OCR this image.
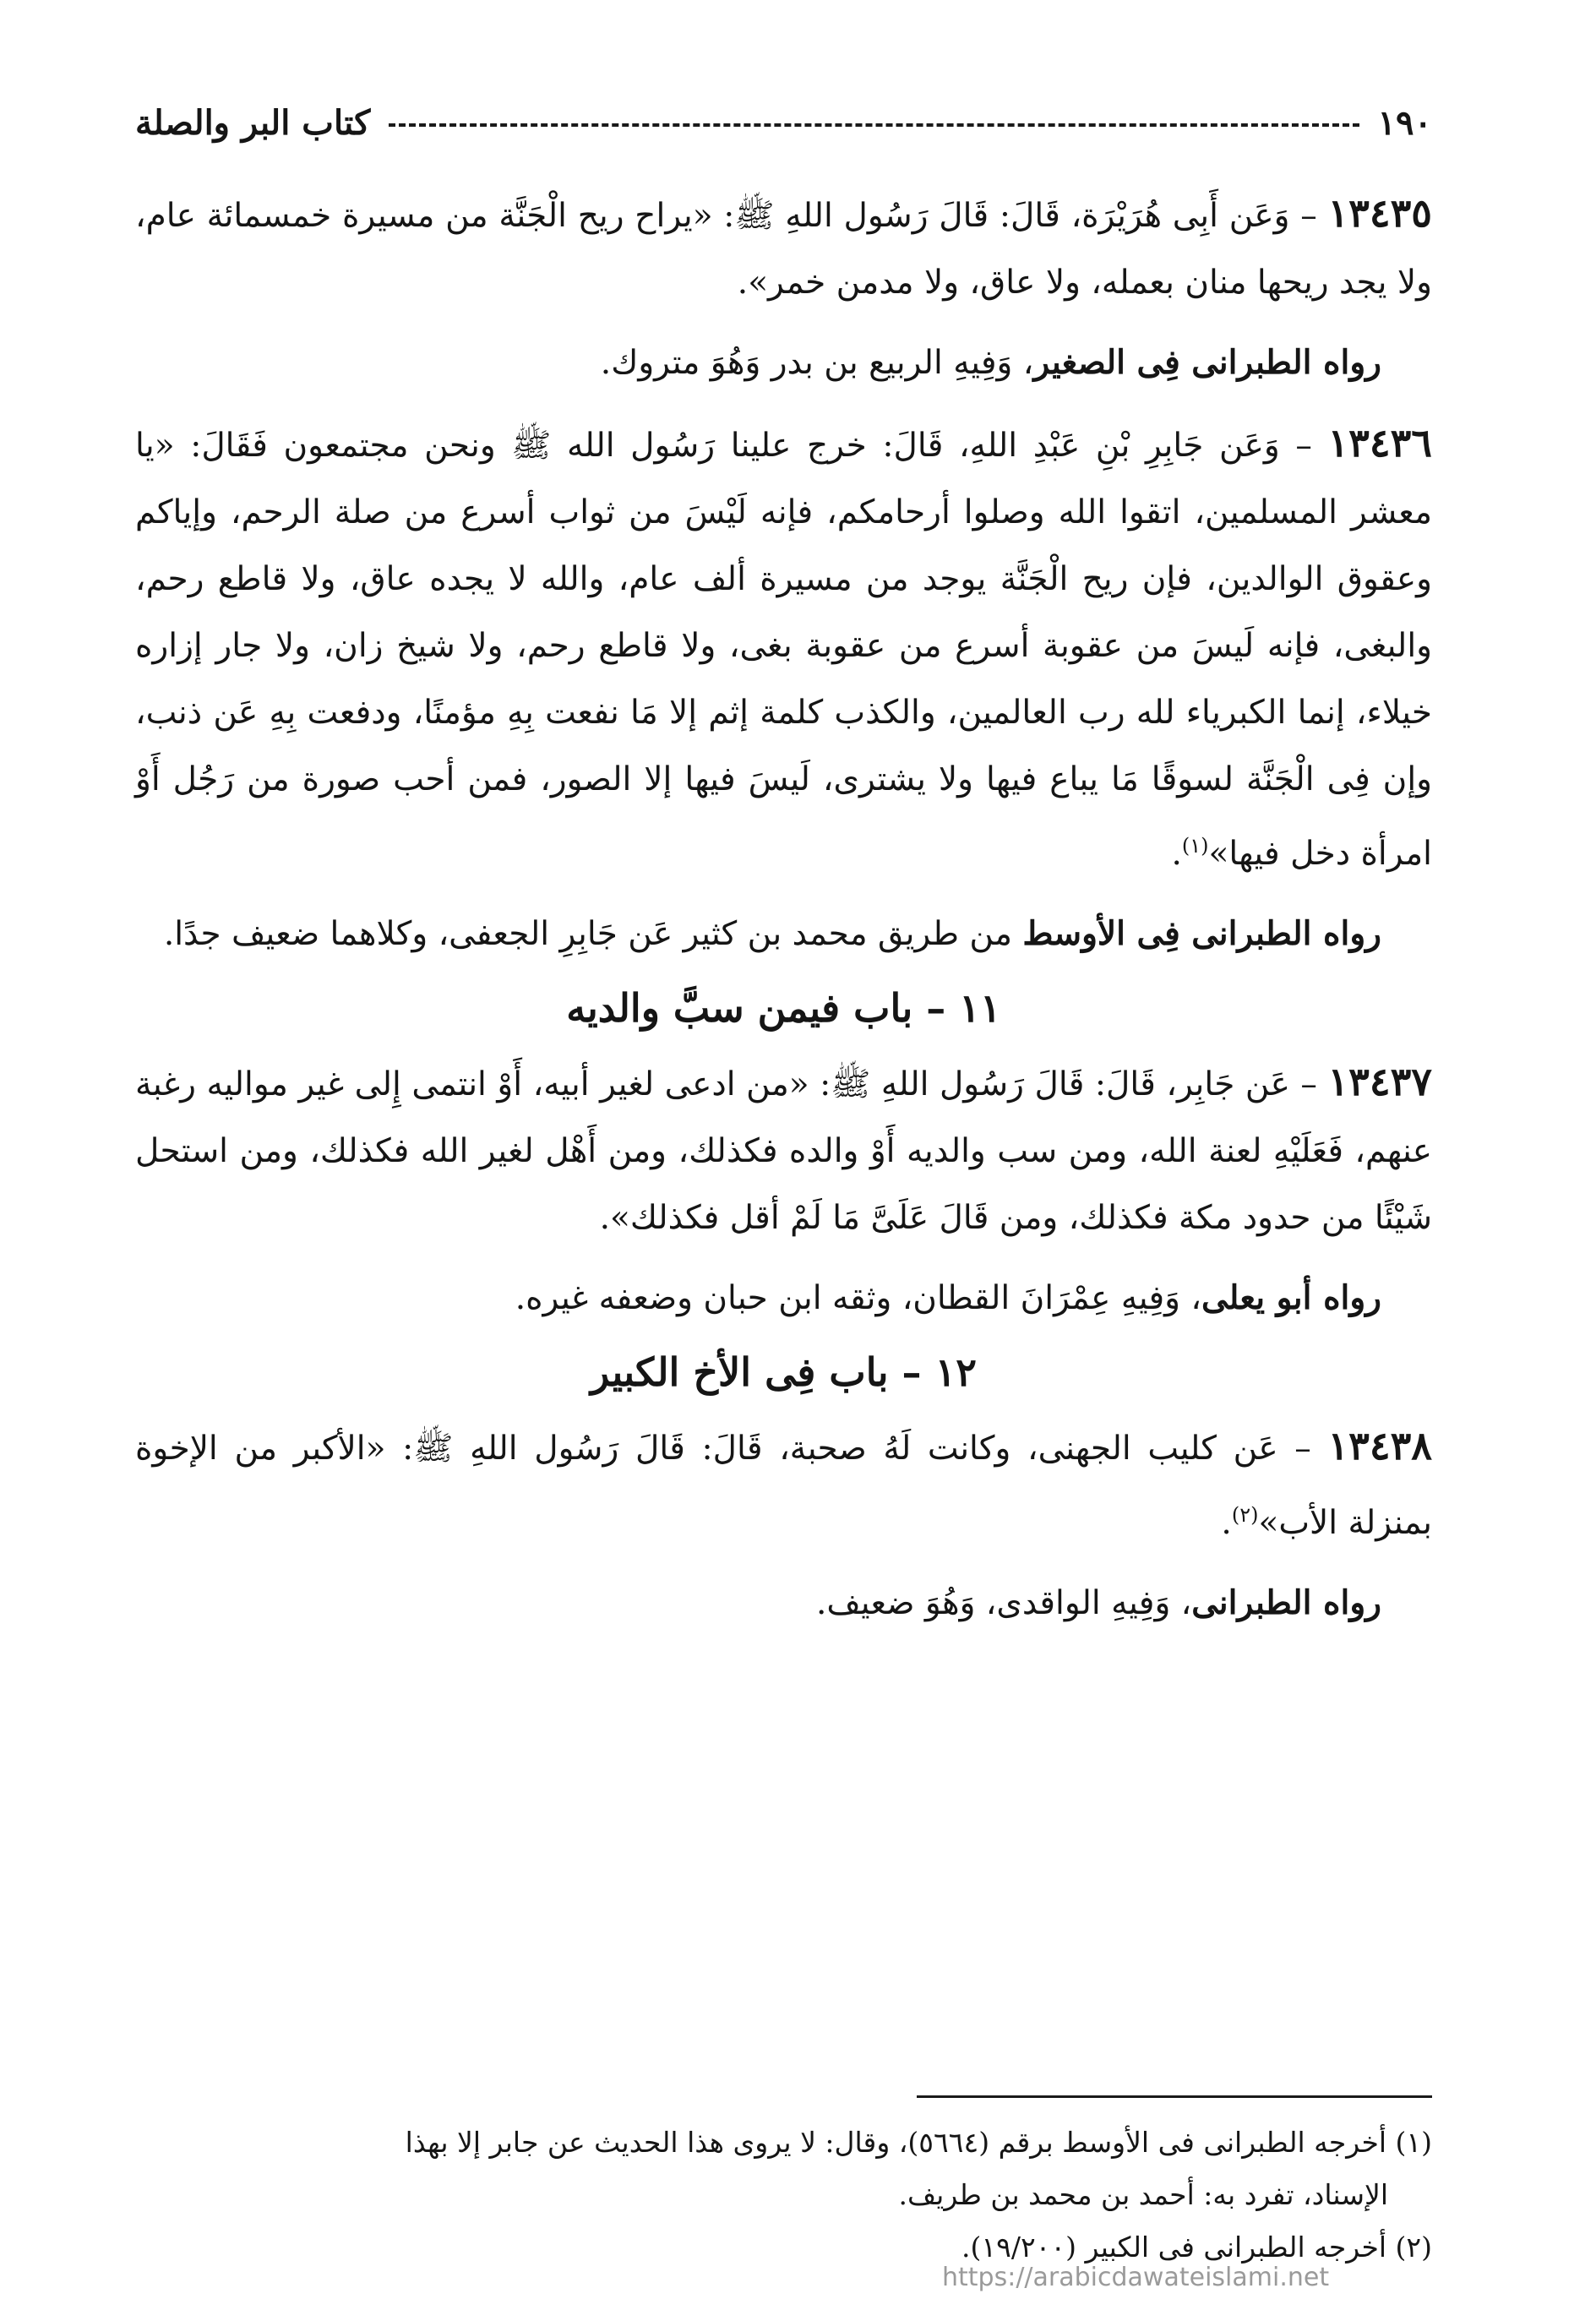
١٩٠
كتاب البر والصلة

١٣٤٣٥ – وَعَن أَبِى هُرَيْرَة، قَالَ: قَالَ رَسُول اللهِ ﷺ: «يراح ريح الْجَنَّة من مسيرة خمسمائة عام، ولا يجد ريحها منان بعمله، ولا عاق، ولا مدمن خمر».

رواه الطبرانى فِى الصغير، وَفِيهِ الربيع بن بدر وَهُوَ متروك.

١٣٤٣٦ – وَعَن جَابِرِ بْنِ عَبْدِ اللهِ، قَالَ: خرج علينا رَسُول الله ﷺ ونحن مجتمعون فَقَالَ: «يا معشر المسلمين، اتقوا الله وصلوا أرحامكم، فإنه لَيْسَ من ثواب أسرع من صلة الرحم، وإياكم وعقوق الوالدين، فإن ريح الْجَنَّة يوجد من مسيرة ألف عام، والله لا يجده عاق، ولا قاطع رحم، والبغى، فإنه لَيسَ من عقوبة أسرع من عقوبة بغى، ولا قاطع رحم، ولا شيخ زان، ولا جار إزاره خيلاء، إنما الكبرياء لله رب العالمين، والكذب كلمة إثم إلا مَا نفعت بِهِ مؤمنًا، ودفعت بِهِ عَن ذنب، وإن فِى الْجَنَّة لسوقًا مَا يباع فيها ولا يشترى، لَيسَ فيها إلا الصور، فمن أحب صورة من رَجُل أَوْ امرأة دخل فيها»$^{(١)}$.

رواه الطبرانى فِى الأوسط من طريق محمد بن كثير عَن جَابِرِ الجعفى، وكلاهما ضعيف جدًا.

١١ – باب فيمن سبَّ والديه

١٣٤٣٧ – عَن جَابِر، قَالَ: قَالَ رَسُول اللهِ ﷺ: «من ادعى لغير أبيه، أَوْ انتمى إِلى غير مواليه رغبة عنهم، فَعَلَيْهِ لعنة الله، ومن سب والديه أَوْ والده فكذلك، ومن أَهْل لغير الله فكذلك، ومن استحل شَيْئًا من حدود مكة فكذلك، ومن قَالَ عَلَىَّ مَا لَمْ أقل فكذلك».

رواه أبو يعلى، وَفِيهِ عِمْرَانَ القطان، وثقه ابن حبان وضعفه غيره.

١٢ – باب فِى الأخ الكبير

١٣٤٣٨ – عَن كليب الجهنى، وكانت لَهُ صحبة، قَالَ: قَالَ رَسُول اللهِ ﷺ: «الأكبر من الإخوة بمنزلة الأب»$^{(٢)}$.

رواه الطبرانى، وَفِيهِ الواقدى، وَهُوَ ضعيف.

(١) أخرجه الطبرانى فى الأوسط برقم (٥٦٦٤)، وقال: لا يروى هذا الحديث عن جابر إلا بهذا

الإسناد، تفرد به: أحمد بن محمد بن طريف.

(٢) أخرجه الطبرانى فى الكبير (١٩/٢٠٠).

https://arabicdawateislami.net
